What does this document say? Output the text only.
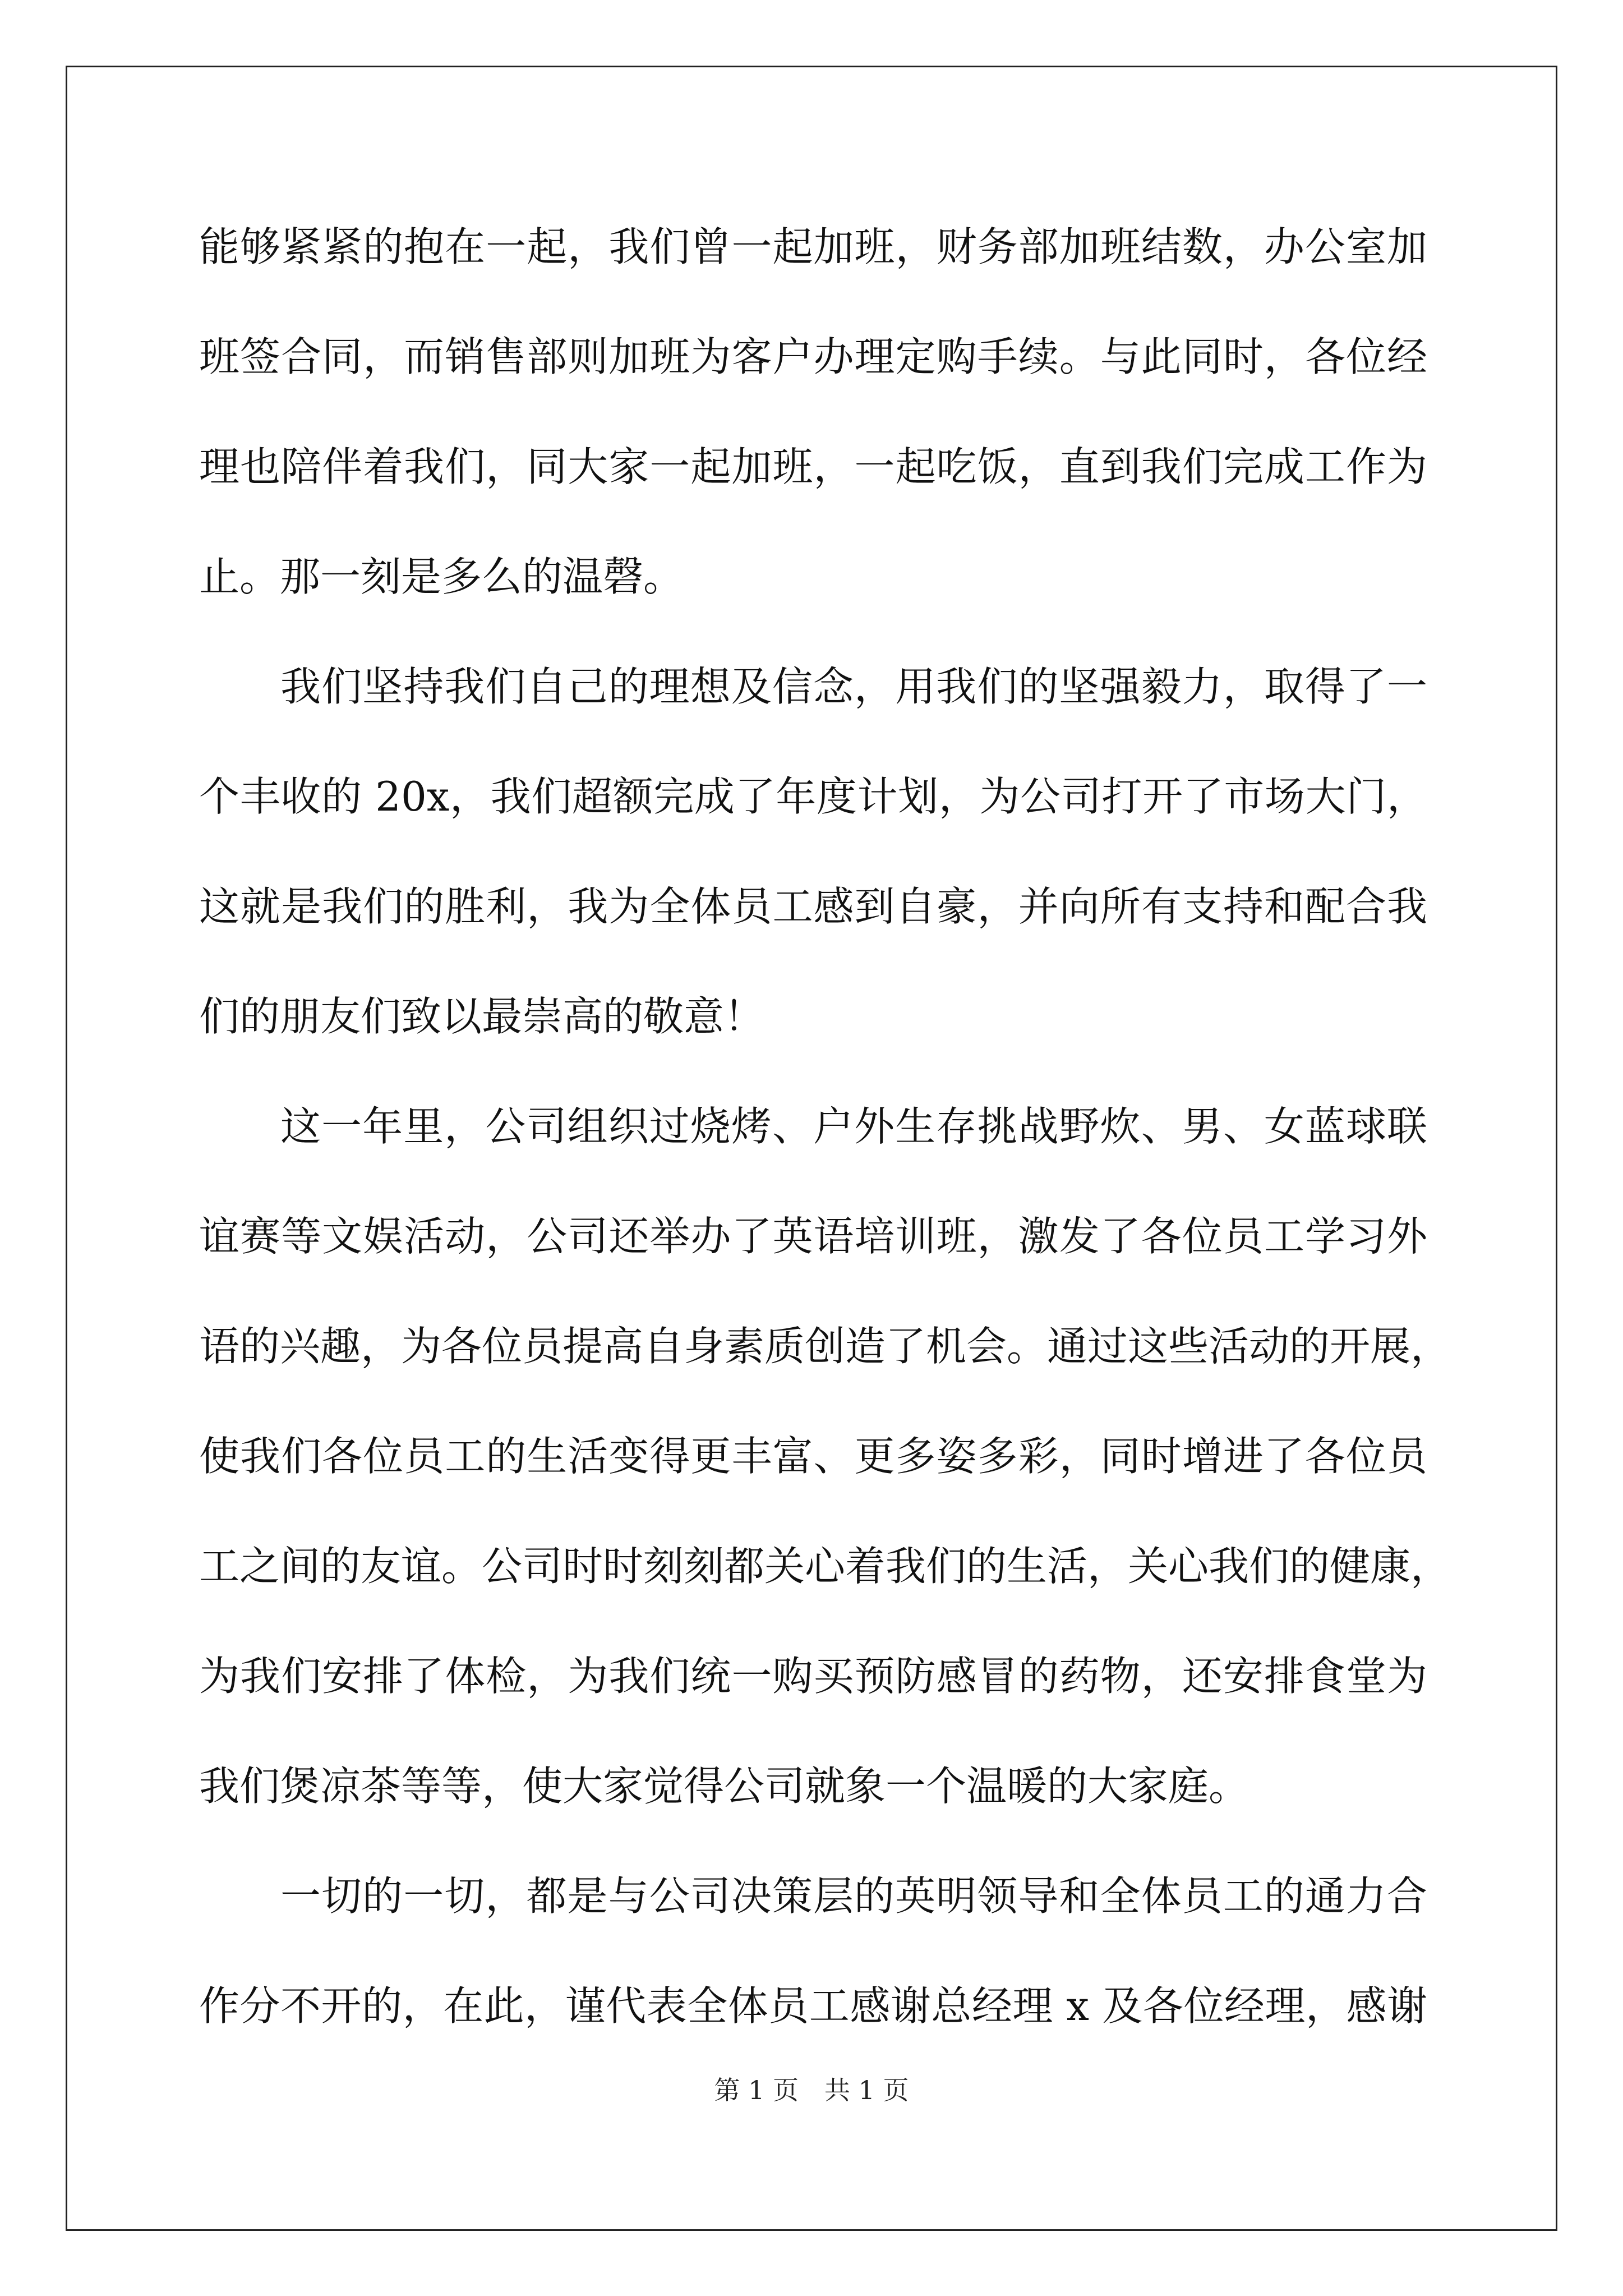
能够紧紧的抱在一起，我们曾一起加班，财务部加班结数，办公室加
班签合同，而销售部则加班为客户办理定购手续。与此同时，各位经
理也陪伴着我们，同大家一起加班，一起吃饭，直到我们完成工作为
止。那一刻是多么的温磬。
我们坚持我们自己的理想及信念，用我们的坚强毅力，取得了一
个丰收的 20x，我们超额完成了年度计划，为公司打开了市场大门，
这就是我们的胜利，我为全体员工感到自豪，并向所有支持和配合我
们的朋友们致以最崇高的敬意！
这一年里，公司组织过烧烤、户外生存挑战野炊、男、女蓝球联
谊赛等文娱活动，公司还举办了英语培训班，激发了各位员工学习外
语的兴趣，为各位员提高自身素质创造了机会。通过这些活动的开展，
使我们各位员工的生活变得更丰富、更多姿多彩，同时增进了各位员
工之间的友谊。公司时时刻刻都关心着我们的生活，关心我们的健康，
为我们安排了体检，为我们统一购买预防感冒的药物，还安排食堂为
我们煲凉茶等等，使大家觉得公司就象一个温暖的大家庭。
一切的一切，都是与公司决策层的英明领导和全体员工的通力合
作分不开的，在此，谨代表全体员工感谢总经理 x 及各位经理，感谢
第 1 页　共 1 页
